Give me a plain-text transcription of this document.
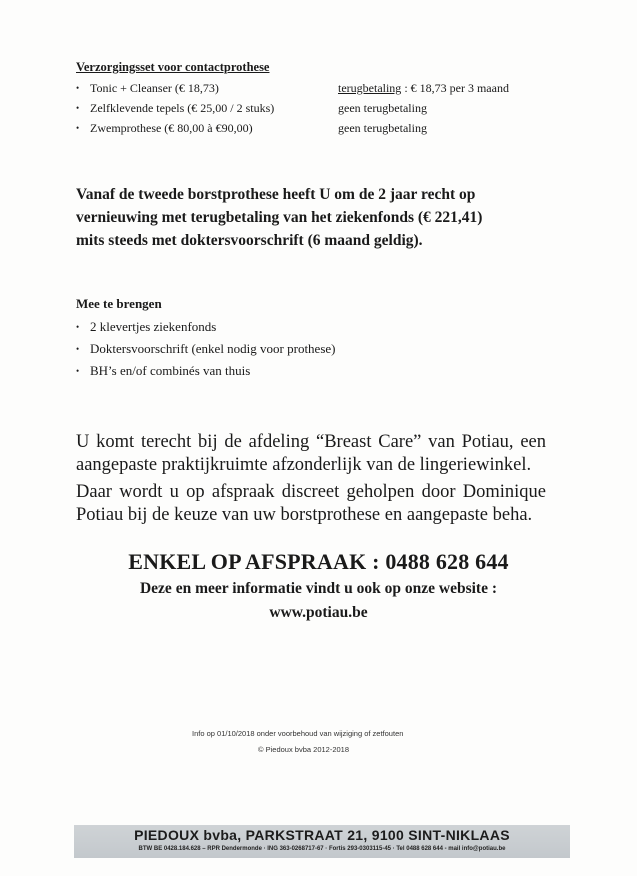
Verzorgingsset voor contactprothese
• Tonic + Cleanser (€ 18,73)
• Zelfklevende tepels (€ 25,00 / 2 stuks)
• Zwemprothese (€ 80,00 à €90,00)
terugbetaling : € 18,73 per 3 maand
geen terugbetaling
geen terugbetaling
Vanaf de tweede borstprothese heeft U om de 2 jaar recht op
vernieuwing met terugbetaling van het ziekenfonds (€ 221,41)
mits steeds met doktersvoorschrift (6 maand geldig).
Mee te brengen
• 2 klevertjes ziekenfonds
• Doktersvoorschrift (enkel nodig voor prothese)
• BH’s en/of combinés van thuis
U komt terecht bij de afdeling “Breast Care” van Potiau, een aangepaste praktijkruimte afzonderlijk van de lingeriewinkel.
Daar wordt u op afspraak discreet geholpen door Dominique Potiau bij de keuze van uw borstprothese en aangepaste beha.
ENKEL OP AFSPRAAK : 0488 628 644
Deze en meer informatie vindt u ook op onze website :
www.potiau.be
Info op 01/10/2018 onder voorbehoud van wijziging of zetfouten
© Piedoux bvba 2012-2018
PIEDOUX bvba, PARKSTRAAT 21, 9100 SINT-NIKLAAS
BTW BE 0428.184.628 – RPR Dendermonde · ING 363-0268717-67 · Fortis 293-0303115-45 · Tel 0488 628 644 - mail info@potiau.be
